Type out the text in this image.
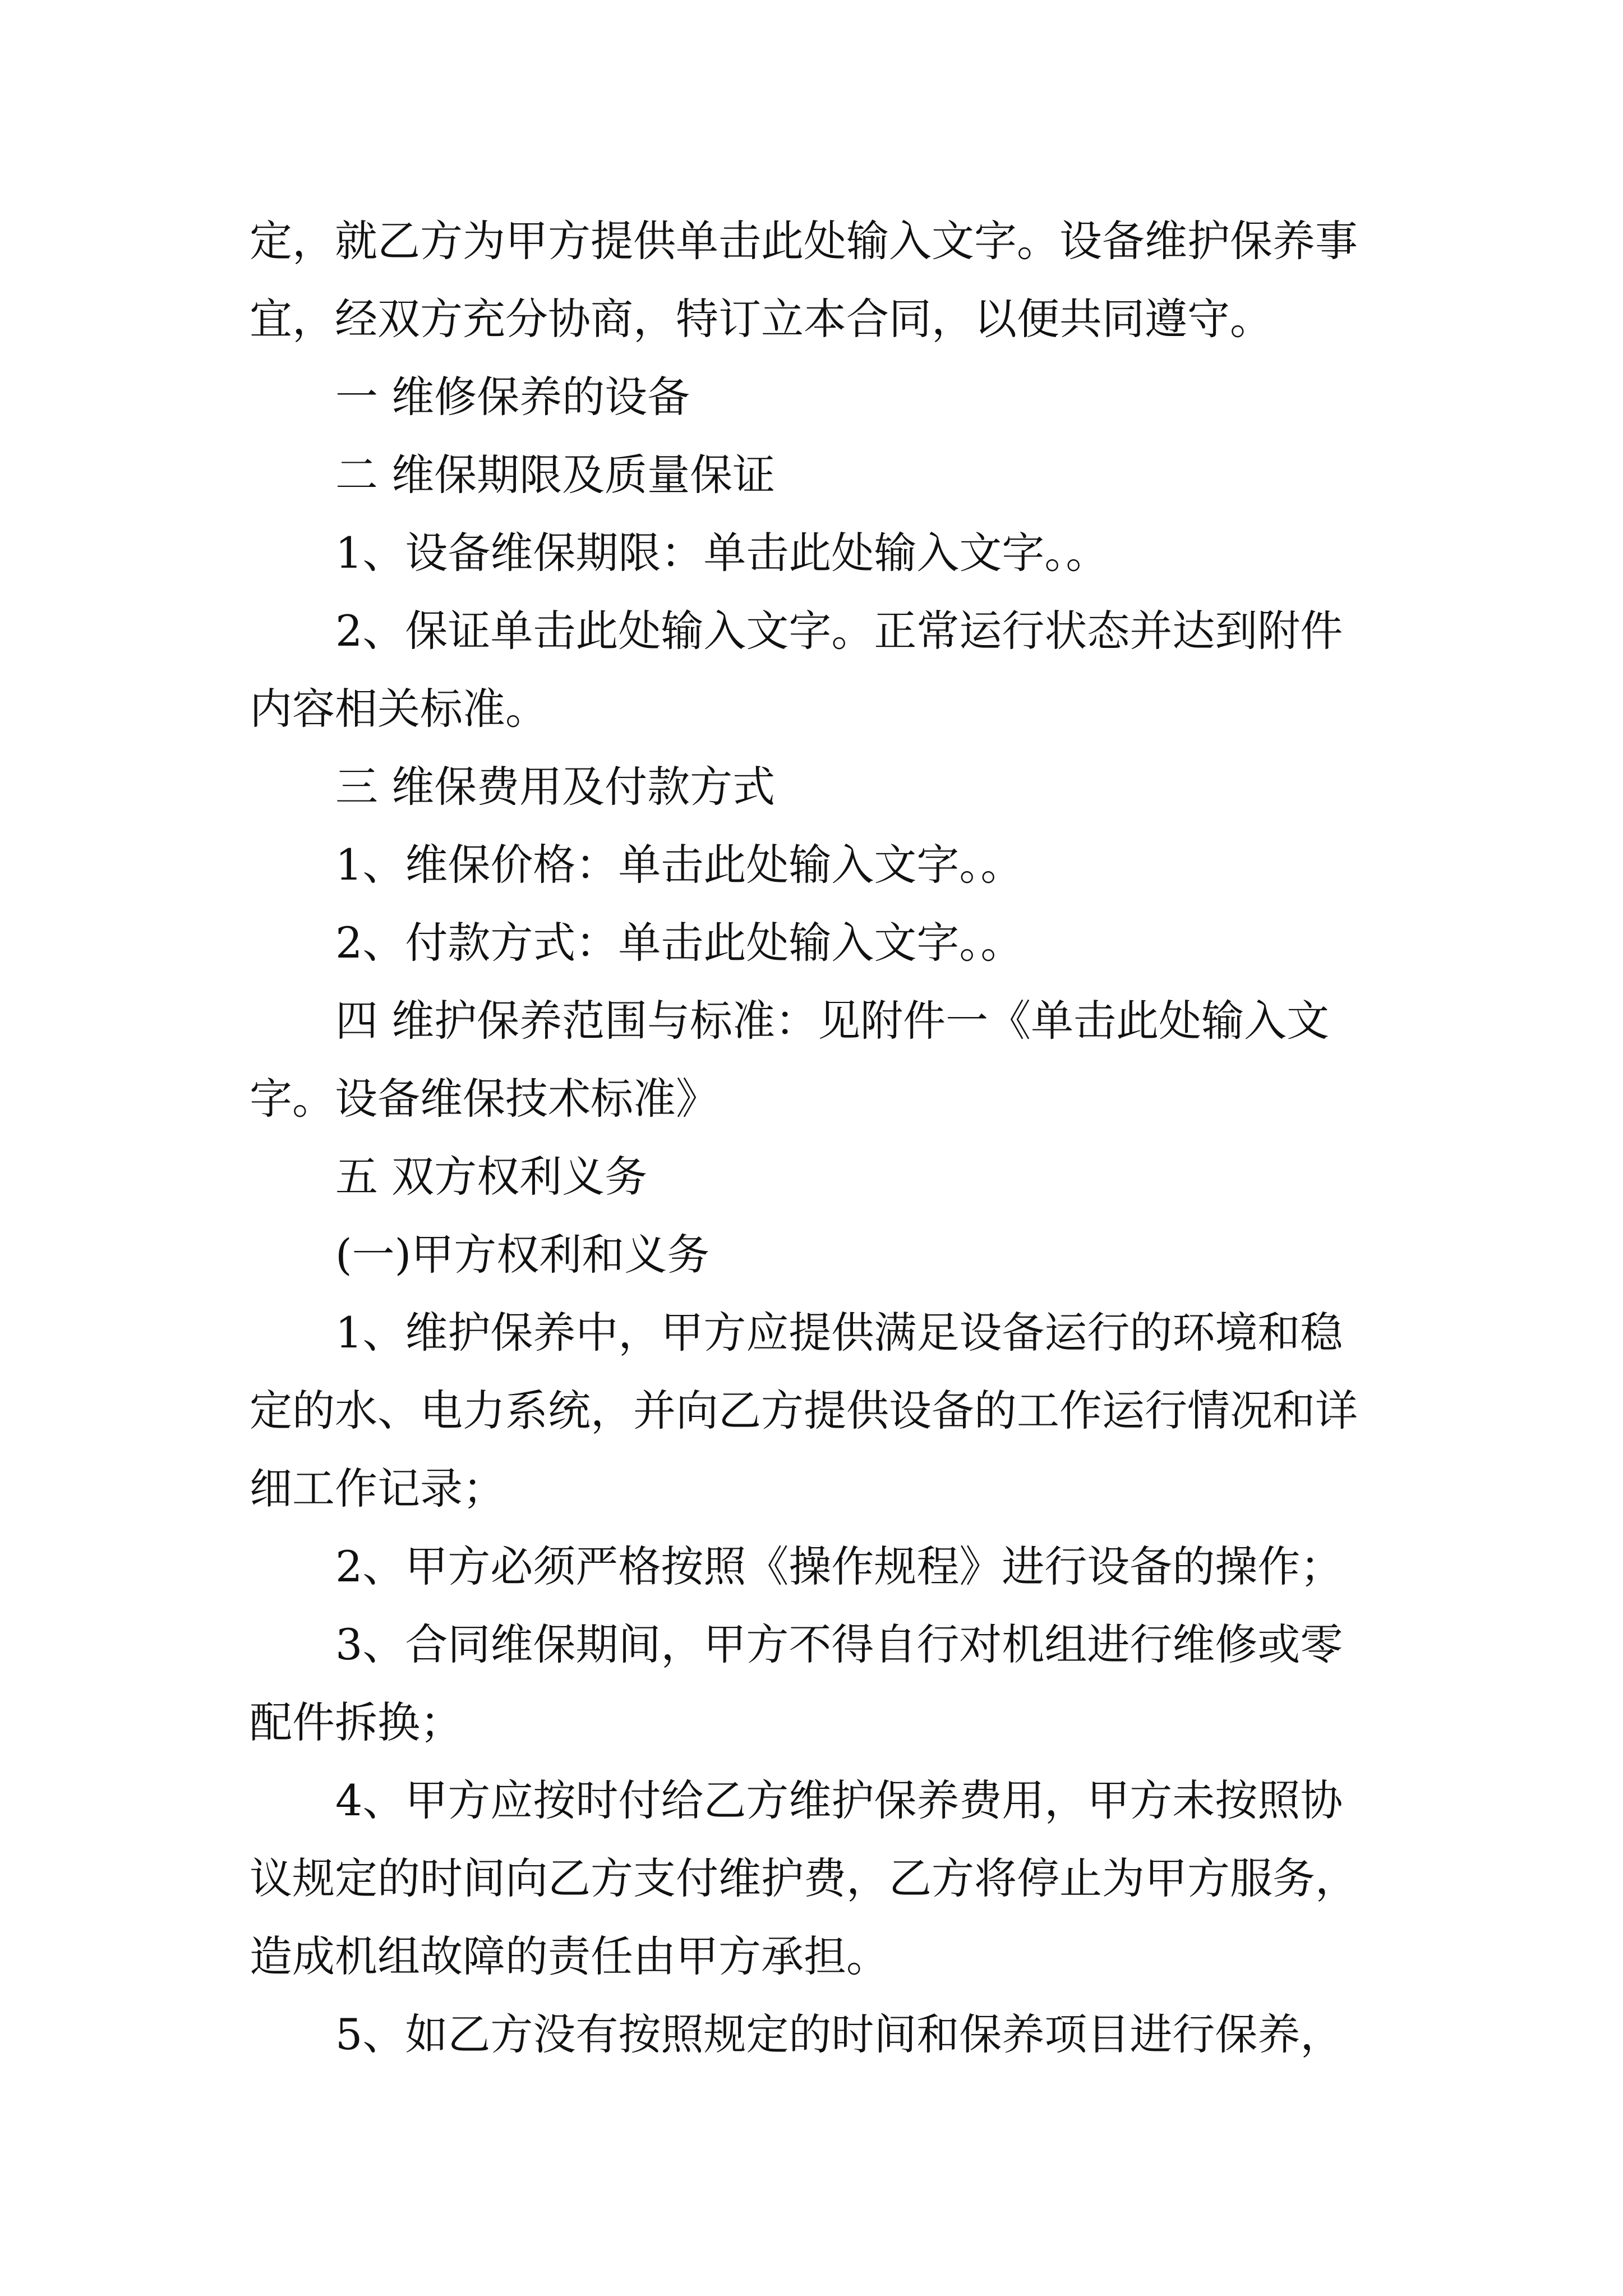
定，就乙方为甲方提供单击此处输入文字。设备维护保养事
宜，经双方充分协商，特订立本合同，以便共同遵守。
一 维修保养的设备
二 维保期限及质量保证
1、设备维保期限：单击此处输入文字。。
2、保证单击此处输入文字。正常运行状态并达到附件
内容相关标准。
三 维保费用及付款方式
1、维保价格：单击此处输入文字。。
2、付款方式：单击此处输入文字。。
四 维护保养范围与标准：见附件一《单击此处输入文
字。设备维保技术标准》
五 双方权利义务
(一)甲方权利和义务
1、维护保养中，甲方应提供满足设备运行的环境和稳
定的水、电力系统，并向乙方提供设备的工作运行情况和详
细工作记录；
2、甲方必须严格按照《操作规程》进行设备的操作；
3、合同维保期间，甲方不得自行对机组进行维修或零
配件拆换；
4、甲方应按时付给乙方维护保养费用，甲方未按照协
议规定的时间向乙方支付维护费，乙方将停止为甲方服务，
造成机组故障的责任由甲方承担。
5、如乙方没有按照规定的时间和保养项目进行保养，
